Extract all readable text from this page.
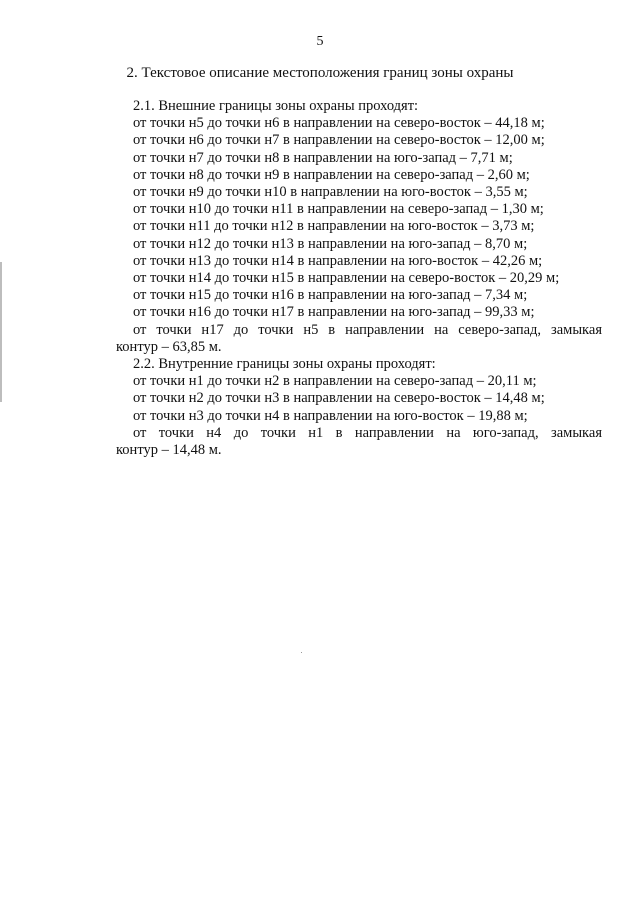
5
2. Текстовое описание местоположения границ зоны охраны

2.1. Внешние границы зоны охраны проходят:

от точки н5 до точки н6 в направлении на северо-восток – 44,18 м;

от точки н6 до точки н7 в направлении на северо-восток – 12,00 м;

от точки н7 до точки н8 в направлении на юго-запад – 7,71 м;

от точки н8 до точки н9 в направлении на северо-запад – 2,60 м;

от точки н9 до точки н10 в направлении на юго-восток – 3,55 м;

от точки н10 до точки н11 в направлении на северо-запад – 1,30 м;

от точки н11 до точки н12 в направлении на юго-восток – 3,73 м;

от точки н12 до точки н13 в направлении на юго-запад – 8,70 м;

от точки н13 до точки н14 в направлении на юго-восток – 42,26 м;

от точки н14 до точки н15 в направлении на северо-восток – 20,29 м;

от точки н15 до точки н16 в направлении на юго-запад – 7,34 м;

от точки н16 до точки н17 в направлении на юго-запад – 99,33 м;

от точки н17 до точки н5 в направлении на северо-запад, замыкая

контур – 63,85 м.

2.2. Внутренние границы зоны охраны проходят:

от точки н1 до точки н2 в направлении на северо-запад – 20,11 м;

от точки н2 до точки н3 в направлении на северо-восток – 14,48 м;

от точки н3 до точки н4 в направлении на юго-восток – 19,88 м;

от точки н4 до точки н1 в направлении на юго-запад, замыкая

контур – 14,48 м.
